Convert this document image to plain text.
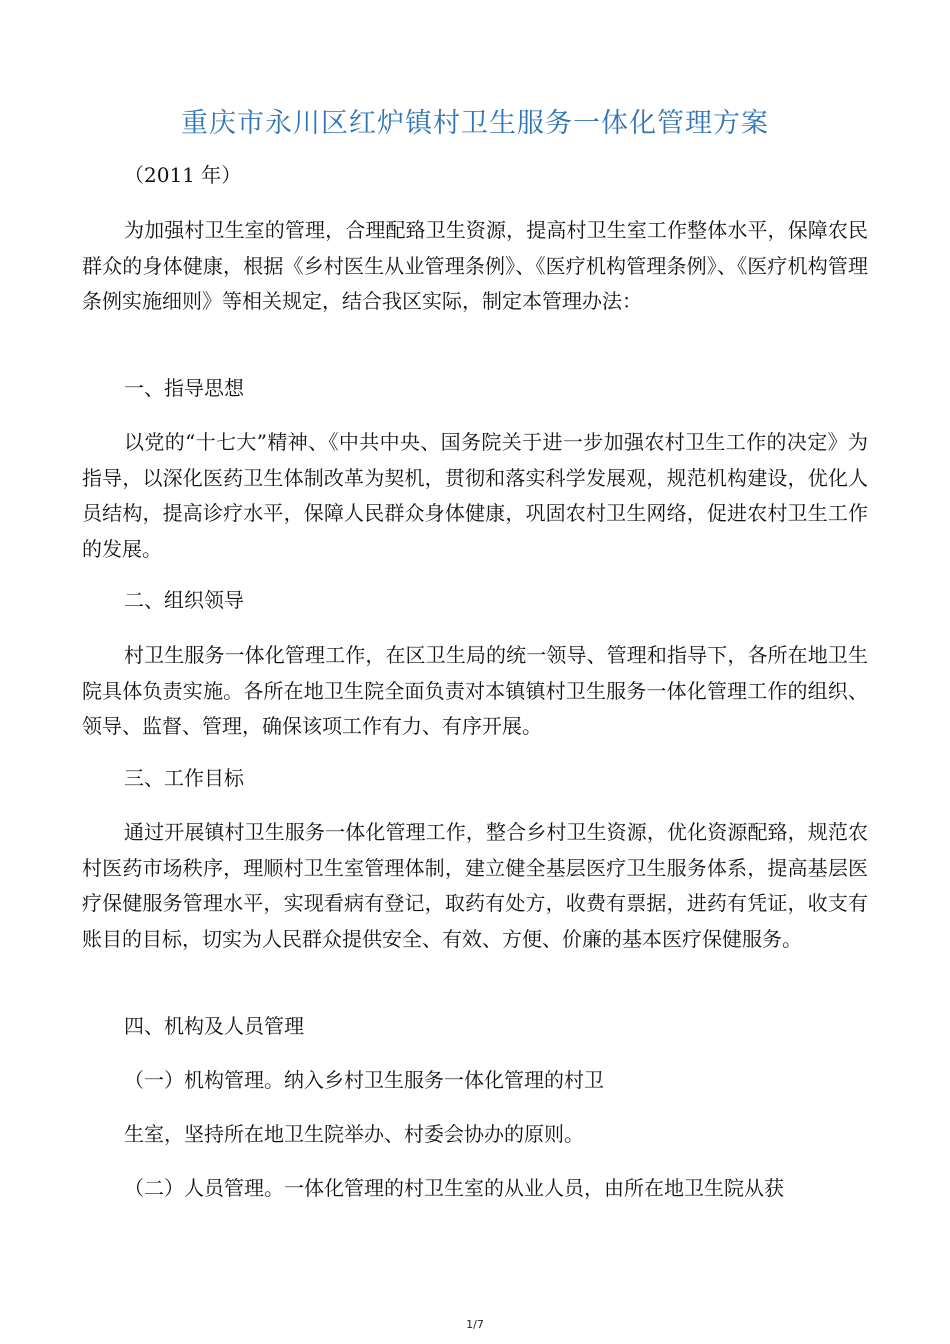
重庆市永川区红炉镇村卫生服务一体化管理方案

（2011 年）

为加强村卫生室的管理，合理配臵卫生资源，提高村卫生室工作整体水平，保障农民群众的身体健康，根据《乡村医生从业管理条例》、《医疗机构管理条例》、《医疗机构管理条例实施细则》等相关规定，结合我区实际，制定本管理办法：

一、指导思想

以党的“十七大”精神、《中共中央、国务院关于进一步加强农村卫生工作的决定》为指导，以深化医药卫生体制改革为契机，贯彻和落实科学发展观，规范机构建设，优化人员结构，提高诊疗水平，保障人民群众身体健康，巩固农村卫生网络，促进农村卫生工作的发展。

二、组织领导

村卫生服务一体化管理工作，在区卫生局的统一领导、管理和指导下，各所在地卫生院具体负责实施。各所在地卫生院全面负责对本镇镇村卫生服务一体化管理工作的组织、领导、监督、管理，确保该项工作有力、有序开展。

三、工作目标

通过开展镇村卫生服务一体化管理工作，整合乡村卫生资源，优化资源配臵，规范农村医药市场秩序，理顺村卫生室管理体制，建立健全基层医疗卫生服务体系，提高基层医疗保健服务管理水平，实现看病有登记，取药有处方，收费有票据，进药有凭证，收支有账目的目标，切实为人民群众提供安全、有效、方便、价廉的基本医疗保健服务。

四、机构及人员管理

（一）机构管理。纳入乡村卫生服务一体化管理的村卫

生室，坚持所在地卫生院举办、村委会协办的原则。

（二）人员管理。一体化管理的村卫生室的从业人员，由所在地卫生院从获

1/7
